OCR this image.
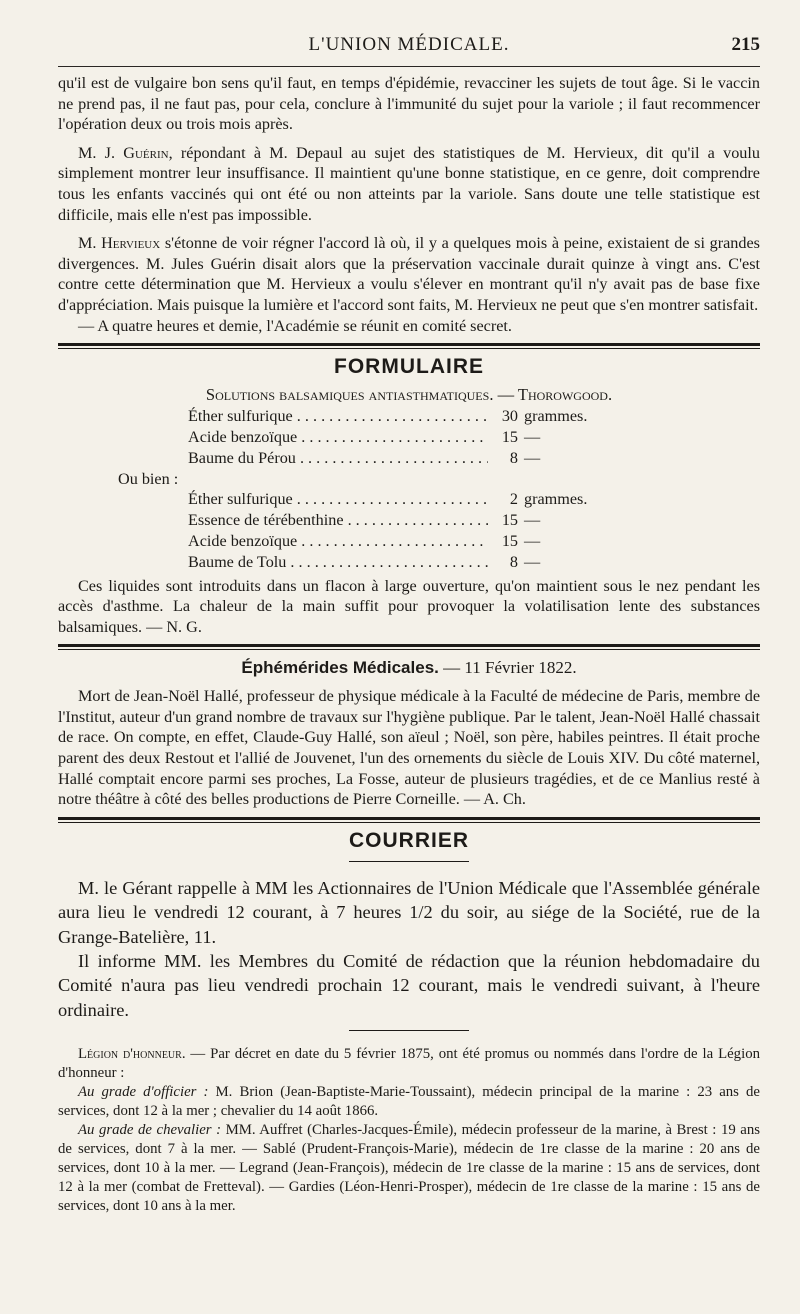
L'UNION MÉDICALE.	215

qu'il est de vulgaire bon sens qu'il faut, en temps d'épidémie, revacciner les sujets de tout âge. Si le vaccin ne prend pas, il ne faut pas, pour cela, conclure à l'immunité du sujet pour la variole ; il faut recommencer l'opération deux ou trois mois après.

M. J. Guérin, répondant à M. Depaul au sujet des statistiques de M. Hervieux, dit qu'il a voulu simplement montrer leur insuffisance. Il maintient qu'une bonne statistique, en ce genre, doit comprendre tous les enfants vaccinés qui ont été ou non atteints par la variole. Sans doute une telle statistique est difficile, mais elle n'est pas impossible.

M. Hervieux s'étonne de voir régner l'accord là où, il y a quelques mois à peine, existaient de si grandes divergences. M. Jules Guérin disait alors que la préservation vaccinale durait quinze à vingt ans. C'est contre cette détermination que M. Hervieux a voulu s'élever en montrant qu'il n'y avait pas de base fixe d'appréciation. Mais puisque la lumière et l'accord sont faits, M. Hervieux ne peut que s'en montrer satisfait.

— A quatre heures et demie, l'Académie se réunit en comité secret.

FORMULAIRE
Solutions balsamiques antiasthmatiques. — Thorowgood.
Éther sulfurique . . .	30 grammes.
Acide benzoïque . . .	15 —
Baume du Pérou . . .	8 —
Ou bien :
Éther sulfurique . . .	2 grammes.
Essence de térébenthine . . .	15 —
Acide benzoïque . . .	15 —
Baume de Tolu . . .	8 —

Ces liquides sont introduits dans un flacon à large ouverture, qu'on maintient sous le nez pendant les accès d'asthme. La chaleur de la main suffit pour provoquer la volatilisation lente des substances balsamiques. — N. G.

Éphémérides Médicales. — 11 Février 1822.

Mort de Jean-Noël Hallé, professeur de physique médicale à la Faculté de médecine de Paris, membre de l'Institut, auteur d'un grand nombre de travaux sur l'hygiène publique. Par le talent, Jean-Noël Hallé chassait de race. On compte, en effet, Claude-Guy Hallé, son aïeul ; Noël, son père, habiles peintres. Il était proche parent des deux Restout et l'allié de Jouvenet, l'un des ornements du siècle de Louis XIV. Du côté maternel, Hallé comptait encore parmi ses proches, La Fosse, auteur de plusieurs tragédies, et de ce Manlius resté à notre théâtre à côté des belles productions de Pierre Corneille. — A. Ch.

COURRIER

M. le Gérant rappelle à MM les Actionnaires de l'Union Médicale que l'Assemblée générale aura lieu le vendredi 12 courant, à 7 heures 1/2 du soir, au siége de la Société, rue de la Grange-Batelière, 11.

Il informe MM. les Membres du Comité de rédaction que la réunion hebdomadaire du Comité n'aura pas lieu vendredi prochain 12 courant, mais le vendredi suivant, à l'heure ordinaire.

Légion d'honneur. — Par décret en date du 5 février 1875, ont été promus ou nommés dans l'ordre de la Légion d'honneur :

Au grade d'officier : M. Brion (Jean-Baptiste-Marie-Toussaint), médecin principal de la marine : 23 ans de services, dont 12 à la mer ; chevalier du 14 août 1866.

Au grade de chevalier : MM. Auffret (Charles-Jacques-Émile), médecin professeur de la marine, à Brest : 19 ans de services, dont 7 à la mer. — Sablé (Prudent-François-Marie), médecin de 1re classe de la marine : 20 ans de services, dont 10 à la mer. — Legrand (Jean-François), médecin de 1re classe de la marine : 15 ans de services, dont 12 à la mer (combat de Fretteval). — Gardies (Léon-Henri-Prosper), médecin de 1re classe de la marine : 15 ans de services, dont 10 ans à la mer.
